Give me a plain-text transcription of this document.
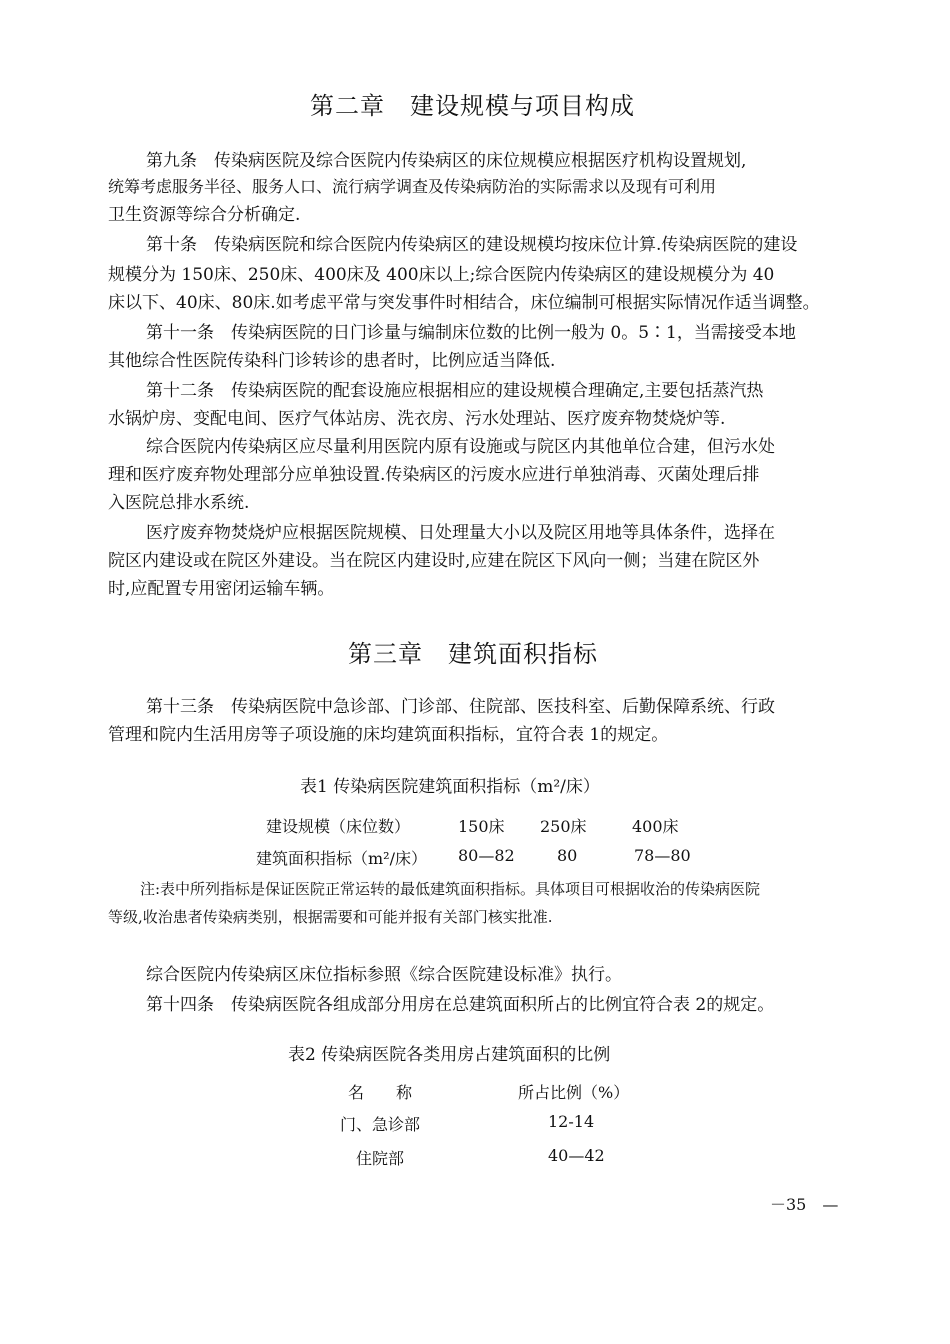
第二章　建设规模与项目构成
第九条　传染病医院及综合医院内传染病区的床位规模应根据医疗机构设置规划,
统筹考虑服务半径、服务人口、流行病学调查及传染病防治的实际需求以及现有可利用
卫生资源等综合分析确定.
第十条　传染病医院和综合医院内传染病区的建设规模均按床位计算.传染病医院的建设
规模分为 150床、250床、400床及 400床以上;综合医院内传染病区的建设规模分为 40
床以下、40床、80床.如考虑平常与突发事件时相结合，床位编制可根据实际情况作适当调整。
第十一条　传染病医院的日门诊量与编制床位数的比例一般为 0。5∶1，当需接受本地
其他综合性医院传染科门诊转诊的患者时，比例应适当降低.
第十二条　传染病医院的配套设施应根据相应的建设规模合理确定,主要包括蒸汽热
水锅炉房、变配电间、医疗气体站房、洗衣房、污水处理站、医疗废弃物焚烧炉等.
综合医院内传染病区应尽量利用医院内原有设施或与院区内其他单位合建，但污水处
理和医疗废弃物处理部分应单独设置.传染病区的污废水应进行单独消毒、灭菌处理后排
入医院总排水系统.
医疗废弃物焚烧炉应根据医院规模、日处理量大小以及院区用地等具体条件，选择在
院区内建设或在院区外建设。当在院区内建设时,应建在院区下风向一侧；当建在院区外
时,应配置专用密闭运输车辆。
第三章　建筑面积指标
第十三条　传染病医院中急诊部、门诊部、住院部、医技科室、后勤保障系统、行政
管理和院内生活用房等子项设施的床均建筑面积指标，宜符合表 1的规定。
表1 传染病医院建筑面积指标（m²/床）
建设规模（床位数）	150床 250床	400床
建筑面积指标（m²/床） 80—82	80	78—80
注:表中所列指标是保证医院正常运转的最低建筑面积指标。具体项目可根据收治的传染病医院
等级,收治患者传染病类别，根据需要和可能并报有关部门核实批准.
综合医院内传染病区床位指标参照《综合医院建设标准》执行。
第十四条　传染病医院各组成部分用房在总建筑面积所占的比例宜符合表 2的规定。
表2 传染病医院各类用房占建筑面积的比例
名　　称	所占比例（%）
门、急诊部	12-14
住院部	40—42
－35　—
